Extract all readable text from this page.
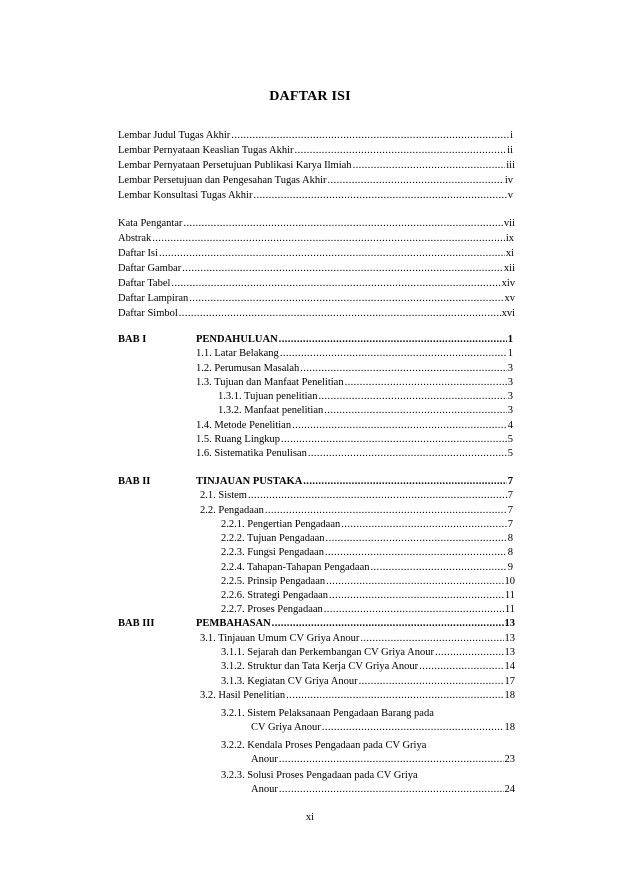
DAFTAR ISI
Lembar Judul Tugas Akhir .....	i
Lembar Pernyataan Keaslian Tugas Akhir .....	ii
Lembar Pernyataan Persetujuan Publikasi Karya Ilmiah .....	iii
Lembar Persetujuan dan Pengesahan Tugas Akhir .....	iv
Lembar Konsultasi Tugas Akhir .....	v
Kata Pengantar .....	vii
Abstrak .....	ix
Daftar Isi .....	xi
Daftar Gambar .....	xii
Daftar Tabel .....	xiv
Daftar Lampiran .....	xv
Daftar Simbol .....	xvi
BAB I	PENDAHULUAN .....	1
1.1. Latar Belakang .....	1
1.2. Perumusan Masalah .....	3
1.3. Tujuan dan Manfaat Penelitian .....	3
1.3.1. Tujuan penelitian .....	3
1.3.2. Manfaat penelitian .....	3
1.4. Metode Penelitian .....	4
1.5. Ruang Lingkup .....	5
1.6. Sistematika Penulisan .....	5
BAB II	TINJAUAN PUSTAKA .....	7
2.1. Sistem .....	7
2.2. Pengadaan .....	7
2.2.1. Pengertian Pengadaan .....	7
2.2.2. Tujuan Pengadaan .....	8
2.2.3. Fungsi Pengadaan .....	8
2.2.4. Tahapan-Tahapan Pengadaan .....	9
2.2.5. Prinsip Pengadaan .....	10
2.2.6. Strategi Pengadaan .....	11
2.2.7. Proses Pengadaan .....	11
BAB III	PEMBAHASAN .....	13
3.1. Tinjauan Umum CV Griya Anour .....	13
3.1.1. Sejarah dan Perkembangan CV Griya Anour .....	13
3.1.2. Struktur dan Tata Kerja CV Griya Anour .....	14
3.1.3. Kegiatan CV Griya Anour .....	17
3.2. Hasil Penelitian .....	18
3.2.1. Sistem Pelaksanaan Pengadaan Barang pada
CV Griya Anour .....	18
3.2.2. Kendala Proses Pengadaan pada CV Griya
Anour .....	23
3.2.3. Solusi Proses Pengadaan pada CV Griya
Anour .....	24
xi
